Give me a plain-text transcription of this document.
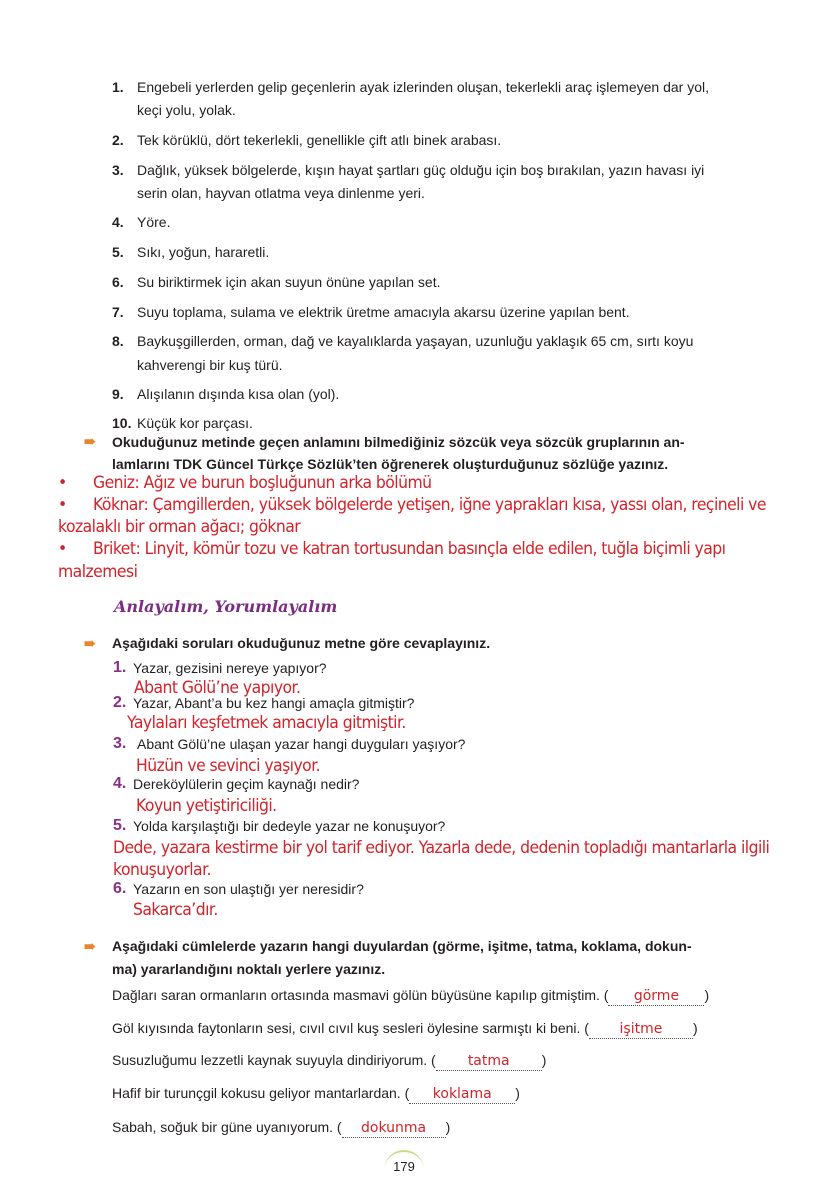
1. Engebeli yerlerden gelip geçenlerin ayak izlerinden oluşan, tekerlekli araç işlemeyen dar yol,
keçi yolu, yolak.
2. Tek körüklü, dört tekerlekli, genellikle çift atlı binek arabası.
3. Dağlık, yüksek bölgelerde, kışın hayat şartları güç olduğu için boş bırakılan, yazın havası iyi
serin olan, hayvan otlatma veya dinlenme yeri.
4. Yöre.
5. Sıkı, yoğun, hararetli.
6. Su biriktirmek için akan suyun önüne yapılan set.
7. Suyu toplama, sulama ve elektrik üretme amacıyla akarsu üzerine yapılan bent.
8. Baykuşgillerden, orman, dağ ve kayalıklarda yaşayan, uzunluğu yaklaşık 65 cm, sırtı koyu
kahverengi bir kuş türü.
9. Alışılanın dışında kısa olan (yol).
10. Küçük kor parçası.
➠ Okuduğunuz metinde geçen anlamını bilmediğiniz sözcük veya sözcük gruplarının an-
lamlarını TDK Güncel Türkçe Sözlük’ten öğrenerek oluşturduğunuz sözlüğe yazınız.
• Geniz: Ağız ve burun boşluğunun arka bölümü
• Köknar: Çamgillerden, yüksek bölgelerde yetişen, iğne yaprakları kısa, yassı olan, reçineli ve
kozalaklı bir orman ağacı; göknar
• Briket: Linyit, kömür tozu ve katran tortusundan basınçla elde edilen, tuğla biçimli yapı
malzemesi
Anlayalım, Yorumlayalım
➠ Aşağıdaki soruları okuduğunuz metne göre cevaplayınız.
1. Yazar, gezisini nereye yapıyor?
Abant Gölü’ne yapıyor.
2. Yazar, Abant’a bu kez hangi amaçla gitmiştir?
Yaylaları keşfetmek amacıyla gitmiştir.
3. Abant Gölü’ne ulaşan yazar hangi duyguları yaşıyor?
Hüzün ve sevinci yaşıyor.
4. Dereköylülerin geçim kaynağı nedir?
Koyun yetiştiriciliği.
5. Yolda karşılaştığı bir dedeyle yazar ne konuşuyor?
Dede, yazara kestirme bir yol tarif ediyor. Yazarla dede, dedenin topladığı mantarlarla ilgili
konuşuyorlar.
6. Yazarın en son ulaştığı yer neresidir?
Sakarca’dır.
➠ Aşağıdaki cümlelerde yazarın hangi duyulardan (görme, işitme, tatma, koklama, dokun-
ma) yararlandığını noktalı yerlere yazınız.
Dağları saran ormanların ortasında masmavi gölün büyüsüne kapılıp gitmiştim. ( görme )
Göl kıyısında faytonların sesi, cıvıl cıvıl kuş sesleri öylesine sarmıştı ki beni. ( işitme )
Susuzluğumu lezzetli kaynak suyuyla dindiriyorum. ( tatma )
Hafif bir turunçgil kokusu geliyor mantarlardan. ( koklama )
Sabah, soğuk bir güne uyanıyorum. ( dokunma )
179
